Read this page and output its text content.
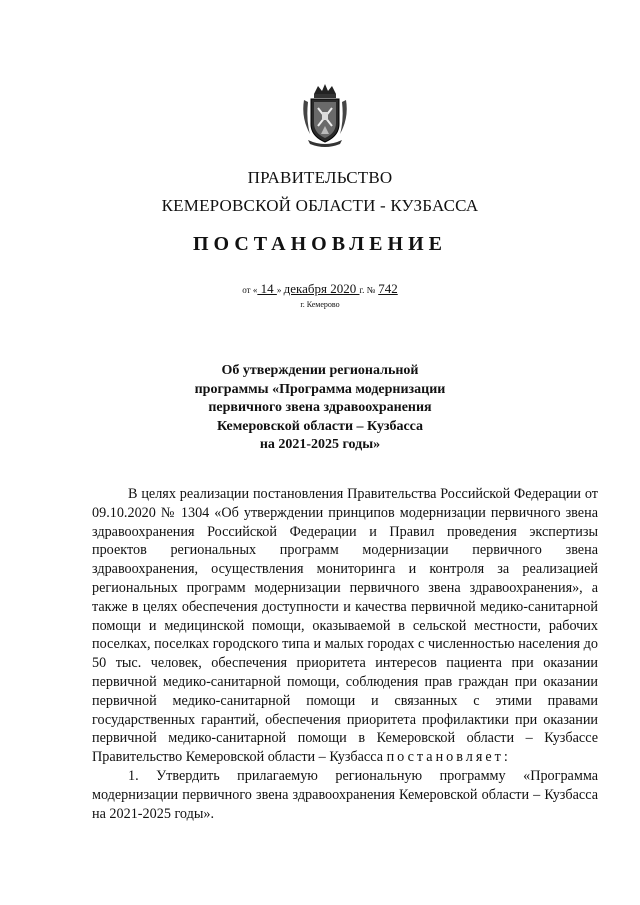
ПРАВИТЕЛЬСТВО
КЕМЕРОВСКОЙ ОБЛАСТИ - КУЗБАССА
ПОСТАНОВЛЕНИЕ
от « 14 » декабря 2020 г. № 742
г. Кемерово
Об утверждении региональной
программы «Программа модернизации
первичного звена здравоохранения
Кемеровской области – Кузбасса
на 2021-2025 годы»

В целях реализации постановления Правительства Российской Федерации от 09.10.2020 № 1304 «Об утверждении принципов модернизации первичного звена здравоохранения Российской Федерации и Правил проведения экспертизы проектов региональных программ модернизации первичного звена здравоохранения, осуществления мониторинга и контроля за реализацией региональных программ модернизации первичного звена здравоохранения», а также в целях обеспечения доступности и качества первичной медико-санитарной помощи и медицинской помощи, оказываемой в сельской местности, рабочих поселках, поселках городского типа и малых городах с численностью населения до 50 тыс. человек, обеспечения приоритета интересов пациента при оказании первичной медико-санитарной помощи, соблюдения прав граждан при оказании первичной медико-санитарной помощи и связанных с этими правами государственных гарантий, обеспечения приоритета профилактики при оказании первичной медико-санитарной помощи в Кемеровской области – Кузбассе Правительство Кемеровской области – Кузбасса постановляет:

1. Утвердить прилагаемую региональную программу «Программа модернизации первичного звена здравоохранения Кемеровской области – Кузбасса на 2021-2025 годы».
